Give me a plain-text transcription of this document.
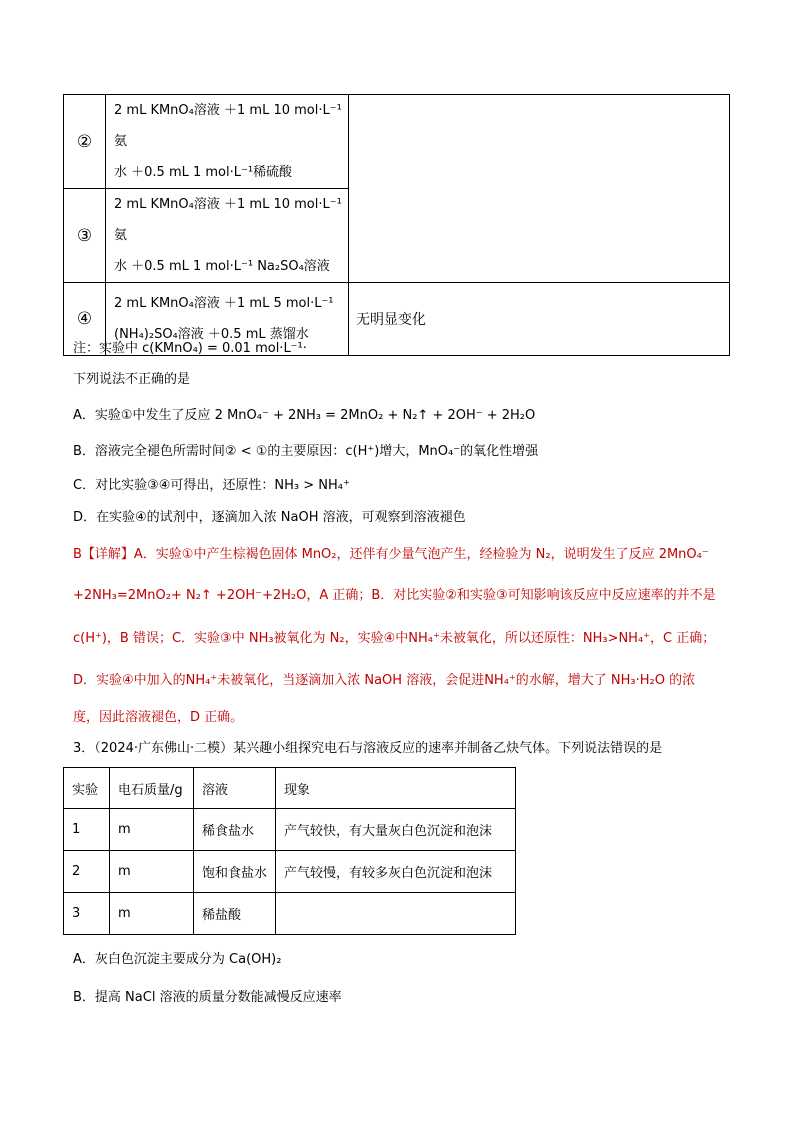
②	2 mL KMnO₄溶液 ＋1 mL 10 mol·L⁻¹氨
水 ＋0.5 mL 1 mol·L⁻¹稀硫酸	

③	2 mL KMnO₄溶液 ＋1 mL 10 mol·L⁻¹氨
水 ＋0.5 mL 1 mol·L⁻¹ Na₂SO₄溶液	

④	2 mL KMnO₄溶液 ＋1 mL 5 mol·L⁻¹
(NH₄)₂SO₄溶液 ＋0.5 mL 蒸馏水	无明显变化
注：实验中 c(KMnO₄) = 0.01 mol·L⁻¹·
下列说法不正确的是
A．实验①中发生了反应 2 MnO₄⁻ + 2NH₃ = 2MnO₂ + N₂↑ + 2OH⁻ + 2H₂O
B．溶液完全褪色所需时间② < ①的主要原因：c(H⁺)增大，MnO₄⁻的氧化性增强
C．对比实验③④可得出，还原性：NH₃ > NH₄⁺
D．在实验④的试剂中，逐滴加入浓 NaOH 溶液，可观察到溶液褪色
B【详解】A．实验①中产生棕褐色固体 MnO₂，还伴有少量气泡产生，经检验为 N₂，说明发生了反应 2MnO₄⁻
+2NH₃=2MnO₂+ N₂↑ +2OH⁻+2H₂O，A 正确；B．对比实验②和实验③可知影响该反应中反应速率的并不是
c(H⁺)，B 错误；C．实验③中 NH₃被氧化为 N₂，实验④中NH₄⁺未被氧化，所以还原性：NH₃>NH₄⁺，C 正确；
D．实验④中加入的NH₄⁺未被氧化，当逐滴加入浓 NaOH 溶液，会促进NH₄⁺的水解，增大了 NH₃·H₂O 的浓
度，因此溶液褪色，D 正确。
3．（2024·广东佛山·二模）某兴趣小组探究电石与溶液反应的速率并制备乙炔气体。下列说法错误的是
实验	电石质量/g	溶液	现象
1	m	稀食盐水	产气较快，有大量灰白色沉淀和泡沫
2	m	饱和食盐水	产气较慢，有较多灰白色沉淀和泡沫
3	m	稀盐酸	
A．灰白色沉淀主要成分为 Ca(OH)₂
B．提高 NaCl 溶液的质量分数能减慢反应速率
